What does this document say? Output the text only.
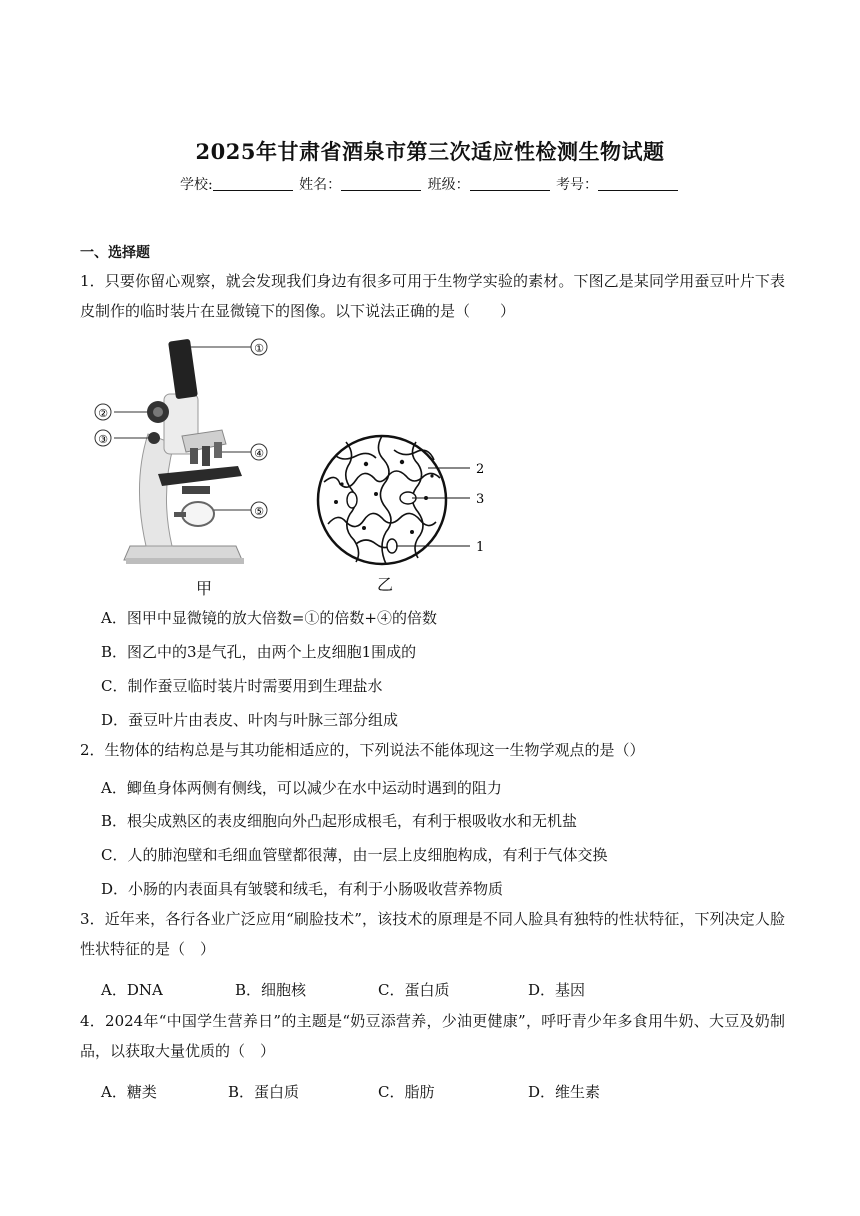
2025年甘肃省酒泉市第三次适应性检测生物试题
学校:	姓名：	班级：	考号：
一、选择题
1．只要你留心观察，就会发现我们身边有很多可用于生物学实验的素材。下图乙是某同学用蚕豆叶片下表皮制作的临时装片在显微镜下的图像。以下说法正确的是（　　）
①
②
③
④
⑤
甲
2
3
1
乙
A．图甲中显微镜的放大倍数=①的倍数+④的倍数
B．图乙中的3是气孔，由两个上皮细胞1围成的
C．制作蚕豆临时装片时需要用到生理盐水
D．蚕豆叶片由表皮、叶肉与叶脉三部分组成
2．生物体的结构总是与其功能相适应的，下列说法不能体现这一生物学观点的是（）
A．鲫鱼身体两侧有侧线，可以减少在水中运动时遇到的阻力
B．根尖成熟区的表皮细胞向外凸起形成根毛，有利于根吸收水和无机盐
C．人的肺泡壁和毛细血管壁都很薄，由一层上皮细胞构成，有利于气体交换
D．小肠的内表面具有皱襞和绒毛，有利于小肠吸收营养物质
3．近年来，各行各业广泛应用“刷脸技术”，该技术的原理是不同人脸具有独特的性状特征，下列决定人脸性状特征的是（　）
A．DNA	B．细胞核	C．蛋白质	D．基因
4．2024年“中国学生营养日”的主题是“奶豆添营养，少油更健康”，呼吁青少年多食用牛奶、大豆及奶制品，以获取大量优质的（　）
A．糖类	B．蛋白质	C．脂肪	D．维生素
